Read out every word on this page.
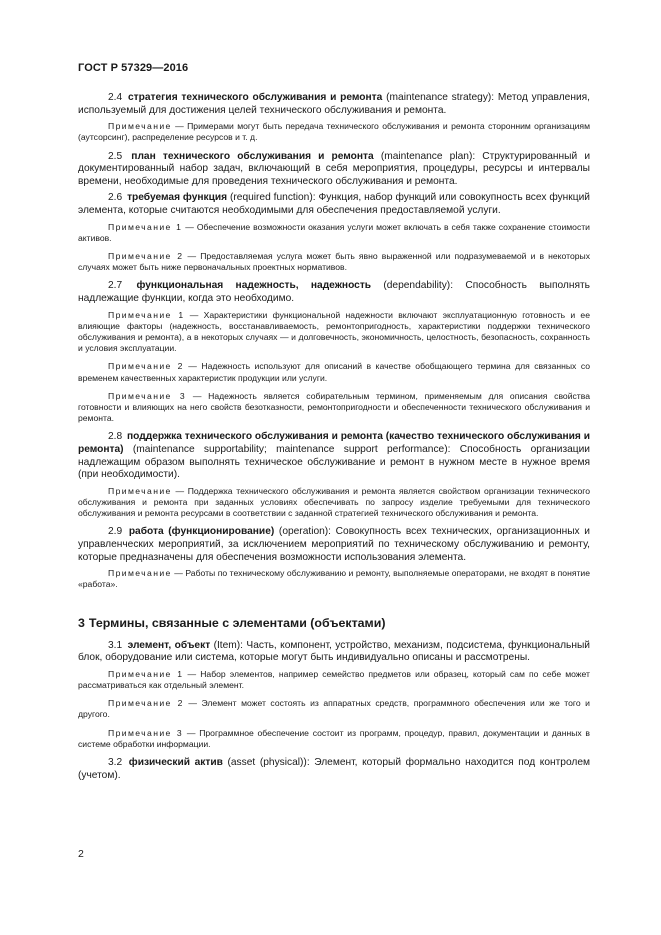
ГОСТ Р 57329—2016

2.4 стратегия технического обслуживания и ремонта (maintenance strategy): Метод управления, используемый для достижения целей технического обслуживания и ремонта.

Примечание — Примерами могут быть передача технического обслуживания и ремонта сторонним организациям (аутсорсинг), распределение ресурсов и т. д.

2.5 план технического обслуживания и ремонта (maintenance plan): Структурированный и документированный набор задач, включающий в себя мероприятия, процедуры, ресурсы и интервалы времени, необходимые для проведения технического обслуживания и ремонта.

2.6 требуемая функция (required function): Функция, набор функций или совокупность всех функций элемента, которые считаются необходимыми для обеспечения предоставляемой услуги.

Примечание 1 — Обеспечение возможности оказания услуги может включать в себя также сохранение стоимости активов.

Примечание 2 — Предоставляемая услуга может быть явно выраженной или подразумеваемой и в некоторых случаях может быть ниже первоначальных проектных нормативов.

2.7 функциональная надежность, надежность (dependability): Способность выполнять надлежащие функции, когда это необходимо.

Примечание 1 — Характеристики функциональной надежности включают эксплуатационную готовность и ее влияющие факторы (надежность, восстанавливаемость, ремонтопригодность, характеристики поддержки технического обслуживания и ремонта), а в некоторых случаях — и долговечность, экономичность, целостность, безопасность, сохранность и условия эксплуатации.

Примечание 2 — Надежность используют для описаний в качестве обобщающего термина для связанных со временем качественных характеристик продукции или услуги.

Примечание 3 — Надежность является собирательным термином, применяемым для описания свойства готовности и влияющих на него свойств безотказности, ремонтопригодности и обеспеченности технического обслуживания и ремонта.

2.8 поддержка технического обслуживания и ремонта (качество технического обслуживания и ремонта) (maintenance supportability; maintenance support performance): Способность организации надлежащим образом выполнять техническое обслуживание и ремонт в нужном месте в нужное время (при необходимости).

Примечание — Поддержка технического обслуживания и ремонта является свойством организации технического обслуживания и ремонта при заданных условиях обеспечивать по запросу изделие требуемыми для технического обслуживания и ремонта ресурсами в соответствии с заданной стратегией технического обслуживания и ремонта.

2.9 работа (функционирование) (operation): Совокупность всех технических, организационных и управленческих мероприятий, за исключением мероприятий по техническому обслуживанию и ремонту, которые предназначены для обеспечения возможности использования элемента.

Примечание — Работы по техническому обслуживанию и ремонту, выполняемые операторами, не входят в понятие «работа».

3 Термины, связанные с элементами (объектами)

3.1 элемент, объект (Item): Часть, компонент, устройство, механизм, подсистема, функциональный блок, оборудование или система, которые могут быть индивидуально описаны и рассмотрены.

Примечание 1 — Набор элементов, например семейство предметов или образец, который сам по себе может рассматриваться как отдельный элемент.

Примечание 2 — Элемент может состоять из аппаратных средств, программного обеспечения или же того и другого.

Примечание 3 — Программное обеспечение состоит из программ, процедур, правил, документации и данных в системе обработки информации.

3.2 физический актив (asset (physical)): Элемент, который формально находится под контролем (учетом).

2
